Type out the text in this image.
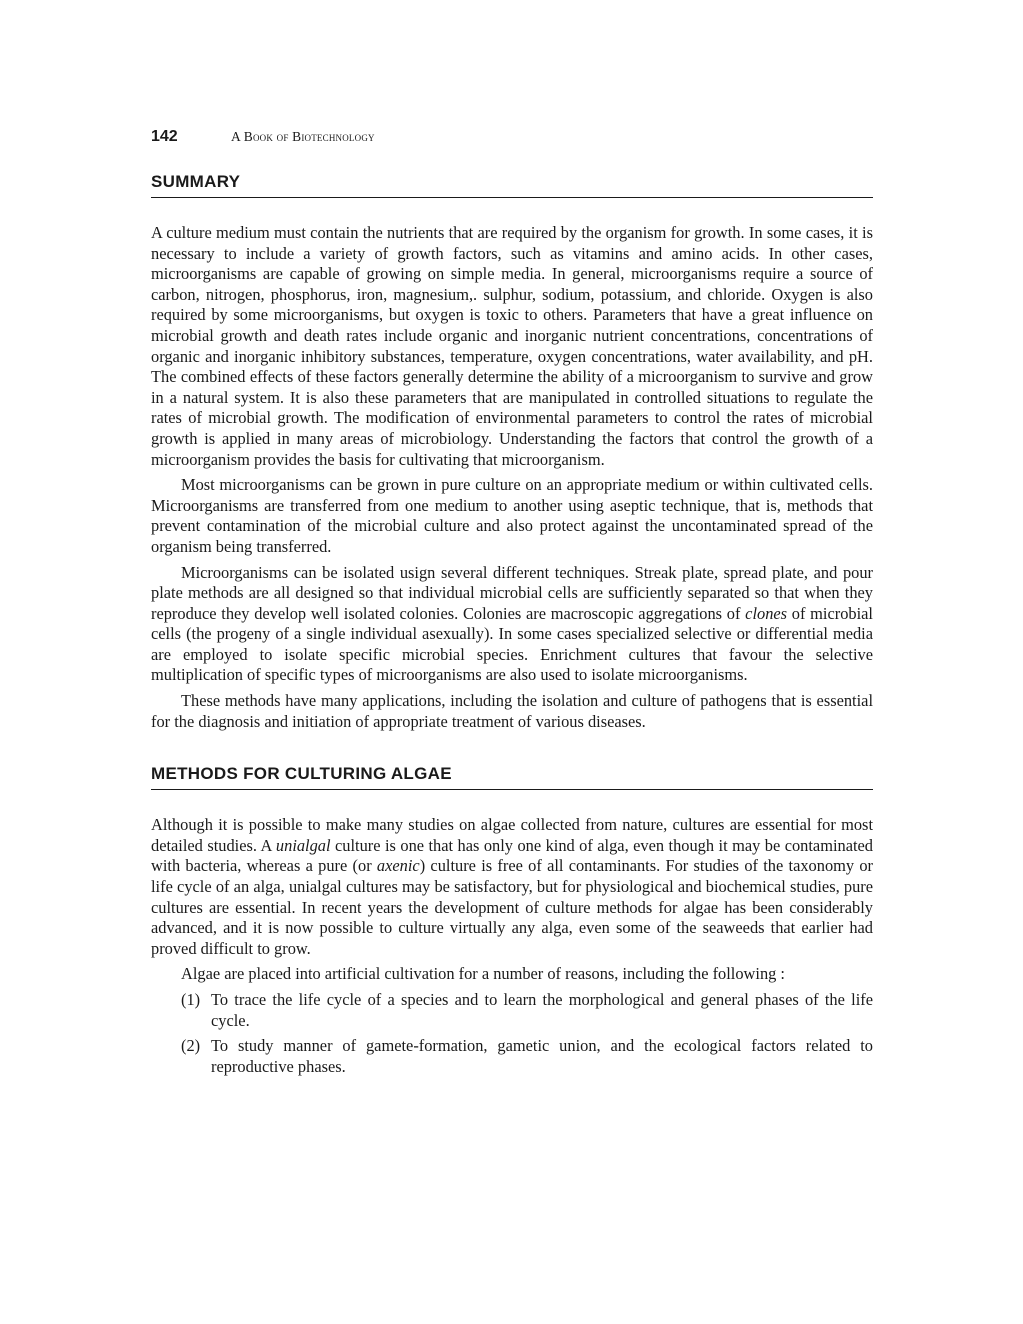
142	A Book of Biotechnology
SUMMARY

A culture medium must contain the nutrients that are required by the organism for growth. In some cases, it is necessary to include a variety of growth factors, such as vitamins and amino acids. In other cases, microorganisms are capable of growing on simple media. In general, microorganisms require a source of carbon, nitrogen, phosphorus, iron, magnesium,. sulphur, sodium, potassium, and chloride. Oxygen is also required by some microorganisms, but oxygen is toxic to others. Parameters that have a great influence on microbial growth and death rates include organic and inorganic nutrient concentrations, concentrations of organic and inorganic inhibitory substances, temperature, oxygen concentrations, water availability, and pH. The combined effects of these factors generally determine the ability of a microorganism to survive and grow in a natural system. It is also these parameters that are manipulated in controlled situations to regulate the rates of microbial growth. The modification of environmental parameters to control the rates of microbial growth is applied in many areas of microbiology. Understanding the factors that control the growth of a microorganism provides the basis for cultivating that microorganism.

Most microorganisms can be grown in pure culture on an appropriate medium or within cultivated cells. Microorganisms are transferred from one medium to another using aseptic technique, that is, methods that prevent contamination of the microbial culture and also protect against the uncontaminated spread of the organism being transferred.

Microorganisms can be isolated usign several different techniques. Streak plate, spread plate, and pour plate methods are all designed so that individual microbial cells are sufficiently separated so that when they reproduce they develop well isolated colonies. Colonies are macroscopic aggregations of clones of microbial cells (the progeny of a single individual asexually). In some cases specialized selective or differential media are employed to isolate specific microbial species. Enrichment cultures that favour the selective multiplication of specific types of microorganisms are also used to isolate microorganisms.

These methods have many applications, including the isolation and culture of pathogens that is essential for the diagnosis and initiation of appropriate treatment of various diseases.

METHODS FOR CULTURING ALGAE

Although it is possible to make many studies on algae collected from nature, cultures are essential for most detailed studies. A unialgal culture is one that has only one kind of alga, even though it may be contaminated with bacteria, whereas a pure (or axenic) culture is free of all contaminants. For studies of the taxonomy or life cycle of an alga, unialgal cultures may be satisfactory, but for physiological and biochemical studies, pure cultures are essential. In recent years the development of culture methods for algae has been considerably advanced, and it is now possible to culture virtually any alga, even some of the seaweeds that earlier had proved difficult to grow.

Algae are placed into artificial cultivation for a number of reasons, including the following :

(1) To trace the life cycle of a species and to learn the morphological and general phases of the life cycle.
(2) To study manner of gamete-formation, gametic union, and the ecological factors related to reproductive phases.
